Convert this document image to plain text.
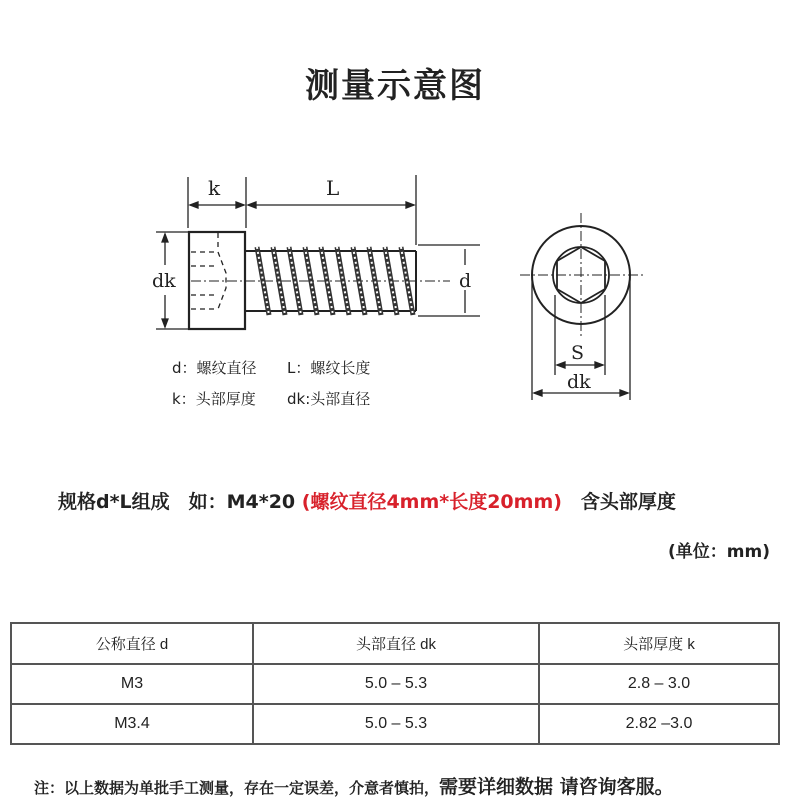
测量示意图
k	L
dk	d
S
dk
d：螺纹直径 L：螺纹长度
k：头部厚度 dk:头部直径
规格d*L组成　如：M4*20 (螺纹直径4mm*长度20mm)　含头部厚度
(单位：mm)
公称直径 d	头部直径 dk	头部厚度 k
M3	5.0 – 5.3	2.8 – 3.0
M3.4	5.0 – 5.3	2.82 –3.0
注：以上数据为单批手工测量，存在一定误差，介意者慎拍，需要详细数据 请咨询客服。
